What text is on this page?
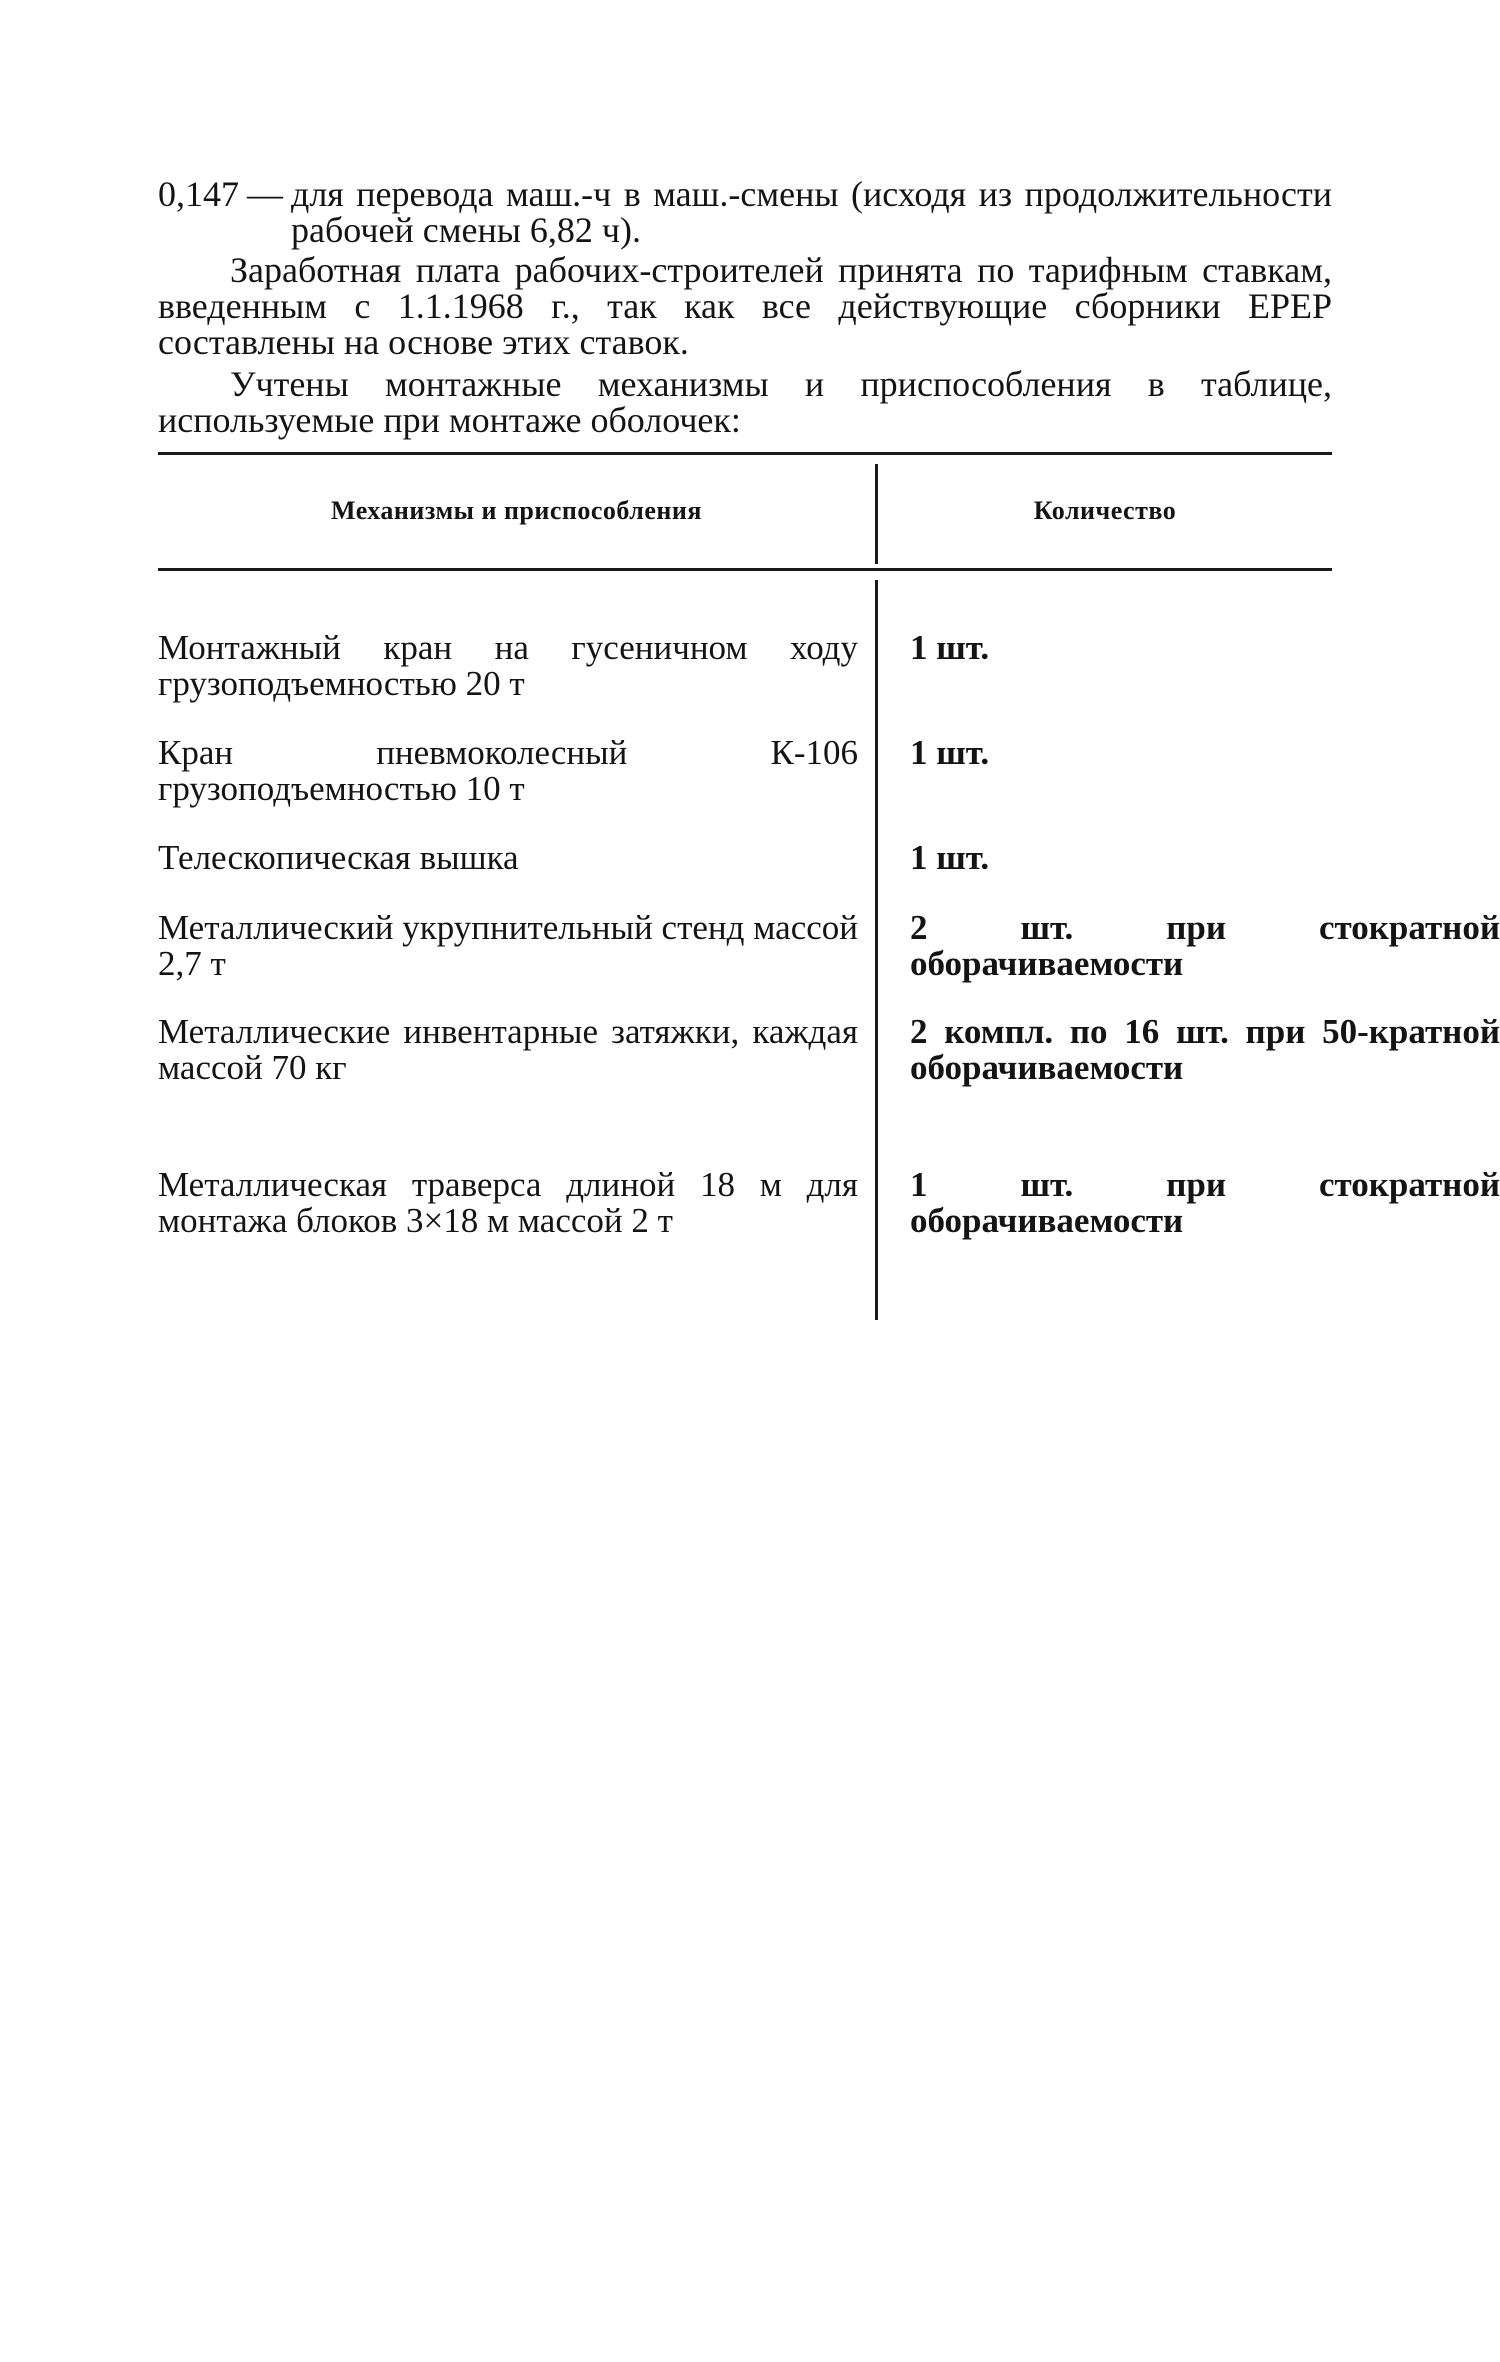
0,147 — для перевода маш.-ч в маш.-смены (исходя из продолжительности рабочей смены 6,82 ч).

Заработная плата рабочих-строителей принята по тарифным ставкам, введенным с 1.1.1968 г., так как все действующие сборники ЕРЕР составлены на основе этих ставок.

Учтены монтажные механизмы и приспособления в таблице, используемые при монтаже оболочек:

Механизмы и приспособления	Количество
Монтажный кран на гусеничном ходу грузоподъемностью 20 т
1 шт.
Кран пневмоколесный К-106 грузоподъемностью 10 т
1 шт.
Телескопическая вышка	1 шт.
Металлический укрупнительный стенд массой 2,7 т
2 шт. при стократной оборачиваемости
Металлические инвентарные затяжки, каждая массой 70 кг
2 компл. по 16 шт. при 50-кратной оборачиваемости
Металлическая траверса длиной 18 м для монтажа блоков 3×18 м массой 2 т
1 шт. при стократной оборачиваемости
